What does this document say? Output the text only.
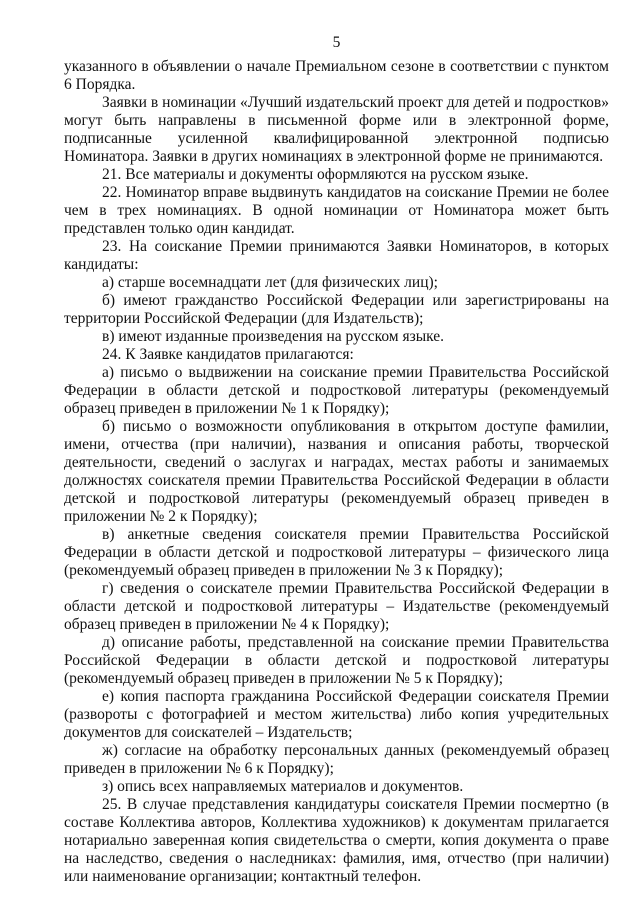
5

указанного в объявлении о начале Премиальном сезоне в соответствии с пунктом 6 Порядка.

Заявки в номинации «Лучший издательский проект для детей и подростков» могут быть направлены в письменной форме или в электронной форме, подписанные усиленной квалифицированной электронной подписью Номинатора. Заявки в других номинациях в электронной форме не принимаются.

21. Все материалы и документы оформляются на русском языке.

22. Номинатор вправе выдвинуть кандидатов на соискание Премии не более чем в трех номинациях. В одной номинации от Номинатора может быть представлен только один кандидат.

23. На соискание Премии принимаются Заявки Номинаторов, в которых кандидаты:

а) старше восемнадцати лет (для физических лиц);

б) имеют гражданство Российской Федерации или зарегистрированы на территории Российской Федерации (для Издательств);

в) имеют изданные произведения на русском языке.

24. К Заявке кандидатов прилагаются:

а) письмо о выдвижении на соискание премии Правительства Российской Федерации в области детской и подростковой литературы (рекомендуемый образец приведен в приложении № 1 к Порядку);

б) письмо о возможности опубликования в открытом доступе фамилии, имени, отчества (при наличии), названия и описания работы, творческой деятельности, сведений о заслугах и наградах, местах работы и занимаемых должностях соискателя премии Правительства Российской Федерации в области детской и подростковой литературы (рекомендуемый образец приведен в приложении № 2 к Порядку);

в) анкетные сведения соискателя премии Правительства Российской Федерации в области детской и подростковой литературы – физического лица (рекомендуемый образец приведен в приложении № 3 к Порядку);

г) сведения о соискателе премии Правительства Российской Федерации в области детской и подростковой литературы – Издательстве (рекомендуемый образец приведен в приложении № 4 к Порядку);

д) описание работы, представленной на соискание премии Правительства Российской Федерации в области детской и подростковой литературы (рекомендуемый образец приведен в приложении № 5 к Порядку);

е) копия паспорта гражданина Российской Федерации соискателя Премии (развороты с фотографией и местом жительства) либо копия учредительных документов для соискателей – Издательств;

ж) согласие на обработку персональных данных (рекомендуемый образец приведен в приложении № 6 к Порядку);

з) опись всех направляемых материалов и документов.

25. В случае представления кандидатуры соискателя Премии посмертно (в составе Коллектива авторов, Коллектива художников) к документам прилагается нотариально заверенная копия свидетельства о смерти, копия документа о праве на наследство, сведения о наследниках: фамилия, имя, отчество (при наличии) или наименование организации; контактный телефон.
